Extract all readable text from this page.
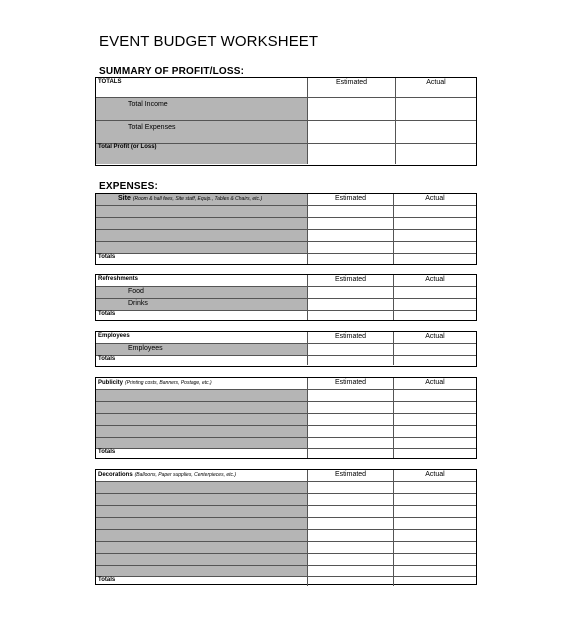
EVENT BUDGET WORKSHEET
SUMMARY OF PROFIT/LOSS:
TOTALS	Estimated	Actual
Total Income
Total Expenses
Total Profit (or Loss)
EXPENSES:
Site (Room & hall fees, Site staff, Equip., Tables & Chairs, etc.)	Estimated	Actual
Totals
Refreshments	Estimated	Actual
Food
Drinks
Totals
Employees	Estimated	Actual
Employees
Totals
Publicity (Printing costs, Banners, Postage, etc.)	Estimated	Actual
Totals
Decorations (Balloons, Paper supplies, Centerpieces, etc.)	Estimated	Actual
Totals
